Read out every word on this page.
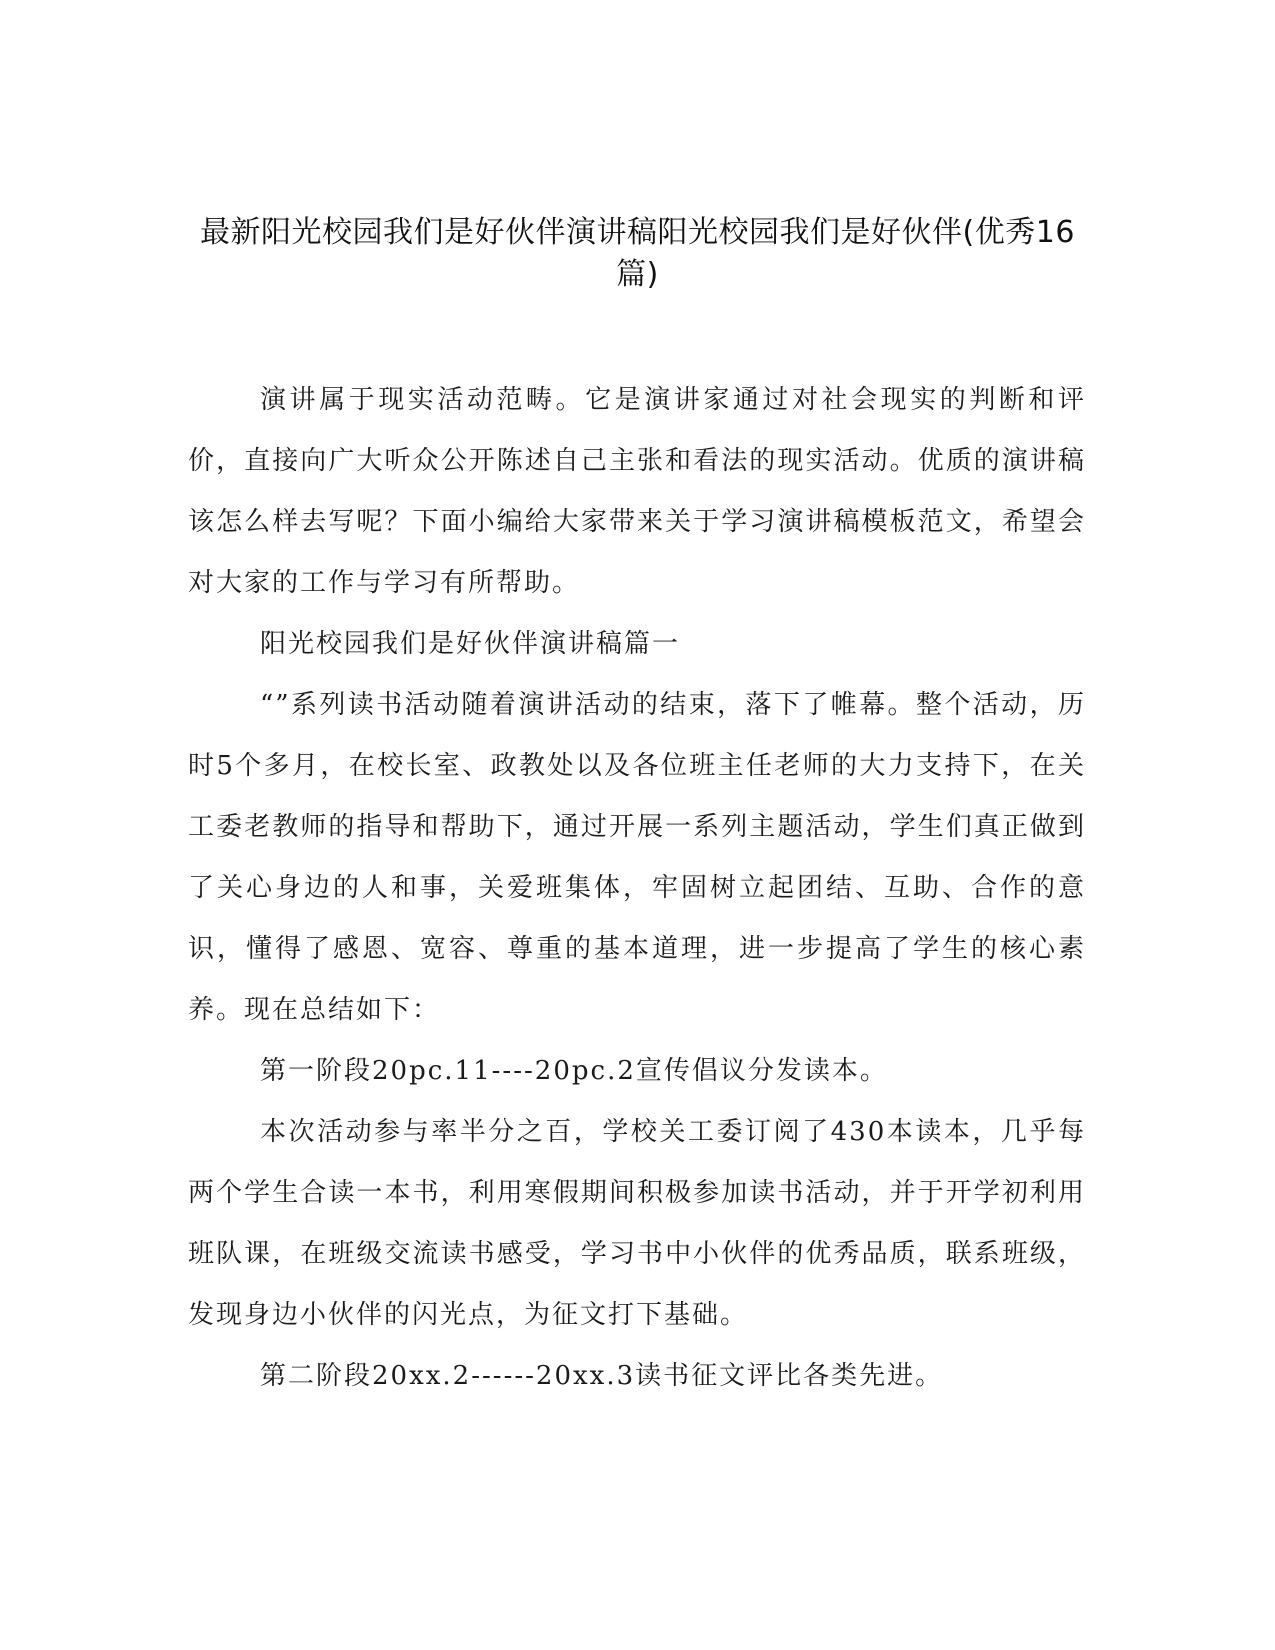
最新阳光校园我们是好伙伴演讲稿阳光校园我们是好伙伴(优秀16篇)

演讲属于现实活动范畴。它是演讲家通过对社会现实的判断和评价，直接向广大听众公开陈述自己主张和看法的现实活动。优质的演讲稿该怎么样去写呢？下面小编给大家带来关于学习演讲稿模板范文，希望会对大家的工作与学习有所帮助。

阳光校园我们是好伙伴演讲稿篇一

“”系列读书活动随着演讲活动的结束，落下了帷幕。整个活动，历时5个多月，在校长室、政教处以及各位班主任老师的大力支持下，在关工委老教师的指导和帮助下，通过开展一系列主题活动，学生们真正做到了关心身边的人和事，关爱班集体，牢固树立起团结、互助、合作的意识，懂得了感恩、宽容、尊重的基本道理，进一步提高了学生的核心素养。现在总结如下：

第一阶段20pc.11----20pc.2宣传倡议分发读本。

本次活动参与率半分之百，学校关工委订阅了430本读本，几乎每两个学生合读一本书，利用寒假期间积极参加读书活动，并于开学初利用班队课，在班级交流读书感受，学习书中小伙伴的优秀品质，联系班级，发现身边小伙伴的闪光点，为征文打下基础。

第二阶段20xx.2------20xx.3读书征文评比各类先进。
